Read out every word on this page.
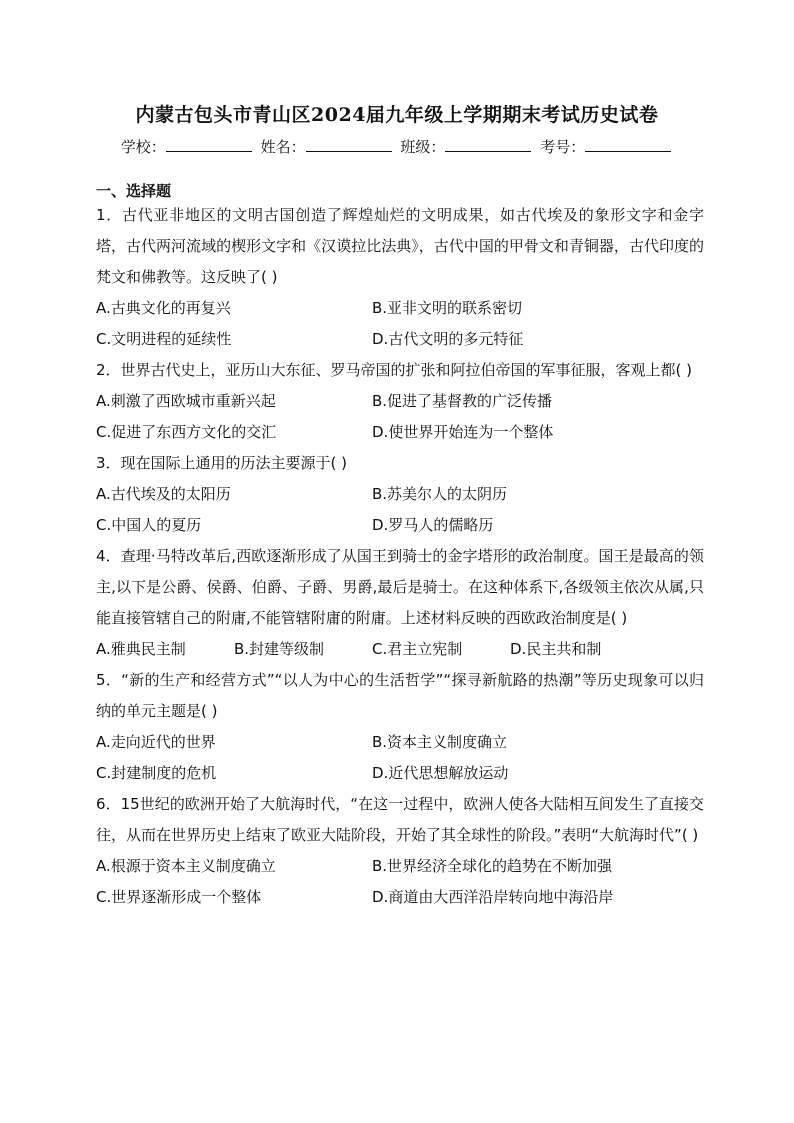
内蒙古包头市青山区2024届九年级上学期期末考试历史试卷
学校：	姓名：	班级：	考号：
一、选择题
1．古代亚非地区的文明古国创造了辉煌灿烂的文明成果，如古代埃及的象形文字和金字塔，古代两河流域的楔形文字和《汉谟拉比法典》，古代中国的甲骨文和青铜器，古代印度的梵文和佛教等。这反映了( )
A.古典文化的再复兴	B.亚非文明的联系密切
C.文明进程的延续性	D.古代文明的多元特征
2．世界古代史上，亚历山大东征、罗马帝国的扩张和阿拉伯帝国的军事征服，客观上都( )
A.刺激了西欧城市重新兴起	B.促进了基督教的广泛传播
C.促进了东西方文化的交汇	D.使世界开始连为一个整体
3．现在国际上通用的历法主要源于( )
A.古代埃及的太阳历	B.苏美尔人的太阴历
C.中国人的夏历	D.罗马人的儒略历
4．查理·马特改革后,西欧逐渐形成了从国王到骑士的金字塔形的政治制度。国王是最高的领主,以下是公爵、侯爵、伯爵、子爵、男爵,最后是骑士。在这种体系下,各级领主依次从属,只能直接管辖自己的附庸,不能管辖附庸的附庸。上述材料反映的西欧政治制度是( )
A.雅典民主制	B.封建等级制	C.君主立宪制	D.民主共和制
5．“新的生产和经营方式”“以人为中心的生活哲学”“探寻新航路的热潮”等历史现象可以归纳的单元主题是( )
A.走向近代的世界	B.资本主义制度确立
C.封建制度的危机	D.近代思想解放运动
6．15世纪的欧洲开始了大航海时代，“在这一过程中，欧洲人使各大陆相互间发生了直接交往，从而在世界历史上结束了欧亚大陆阶段，开始了其全球性的阶段。”表明“大航海时代”( )
A.根源于资本主义制度确立	B.世界经济全球化的趋势在不断加强
C.世界逐渐形成一个整体	D.商道由大西洋沿岸转向地中海沿岸
